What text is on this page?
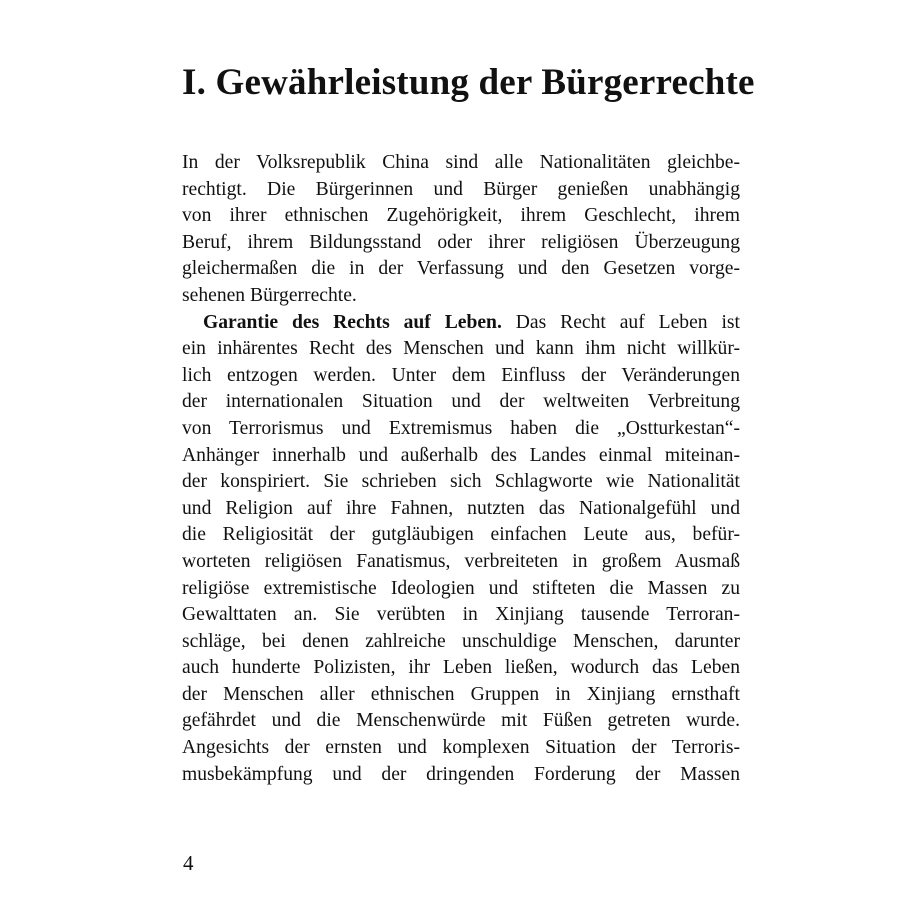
I. Gewährleistung der Bürgerrechte
In der Volksrepublik China sind alle Nationalitäten gleichbe-
rechtigt. Die Bürgerinnen und Bürger genießen unabhängig
von ihrer ethnischen Zugehörigkeit, ihrem Geschlecht, ihrem
Beruf, ihrem Bildungsstand oder ihrer religiösen Überzeugung
gleichermaßen die in der Verfassung und den Gesetzen vorge-
sehenen Bürgerrechte.
Garantie des Rechts auf Leben. Das Recht auf Leben ist
ein inhärentes Recht des Menschen und kann ihm nicht willkür-
lich entzogen werden. Unter dem Einfluss der Veränderungen
der internationalen Situation und der weltweiten Verbreitung
von Terrorismus und Extremismus haben die „Ostturkestan“-
Anhänger innerhalb und außerhalb des Landes einmal miteinan-
der konspiriert. Sie schrieben sich Schlagworte wie Nationalität
und Religion auf ihre Fahnen, nutzten das Nationalgefühl und
die Religiosität der gutgläubigen einfachen Leute aus, befür-
worteten religiösen Fanatismus, verbreiteten in großem Ausmaß
religiöse extremistische Ideologien und stifteten die Massen zu
Gewalttaten an. Sie verübten in Xinjiang tausende Terroran-
schläge, bei denen zahlreiche unschuldige Menschen, darunter
auch hunderte Polizisten, ihr Leben ließen, wodurch das Leben
der Menschen aller ethnischen Gruppen in Xinjiang ernsthaft
gefährdet und die Menschenwürde mit Füßen getreten wurde.
Angesichts der ernsten und komplexen Situation der Terroris-
musbekämpfung und der dringenden Forderung der Massen
4
